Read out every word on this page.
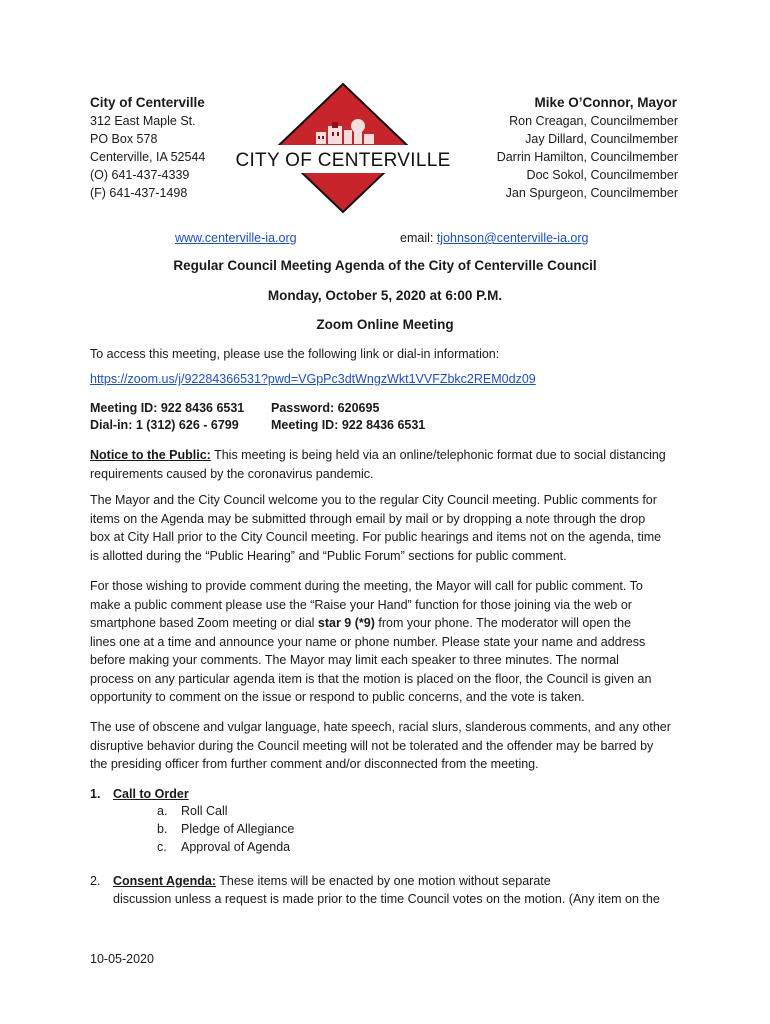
City of Centerville
312 East Maple St.
PO Box 578
Centerville, IA 52544
(O) 641-437-4339
(F) 641-437-1498
CITY OF CENTERVILLE
Mike O’Connor, Mayor
Ron Creagan, Councilmember
Jay Dillard, Councilmember
Darrin Hamilton, Councilmember
Doc Sokol, Councilmember
Jan Spurgeon, Councilmember
www.centerville-ia.org	email: tjohnson@centerville-ia.org
Regular Council Meeting Agenda of the City of Centerville Council
Monday, October 5, 2020 at 6:00 P.M.
Zoom Online Meeting
To access this meeting, please use the following link or dial-in information:
https://zoom.us/j/92284366531?pwd=VGpPc3dtWngzWkt1VVFZbkc2REM0dz09
Meeting ID: 922 8436 6531
Dial-in: 1 (312) 626 - 6799
Password: 620695
Meeting ID: 922 8436 6531
Notice to the Public: This meeting is being held via an online/telephonic format due to social distancing
requirements caused by the coronavirus pandemic.
The Mayor and the City Council welcome you to the regular City Council meeting. Public comments for
items on the Agenda may be submitted through email by mail or by dropping a note through the drop
box at City Hall prior to the City Council meeting. For public hearings and items not on the agenda, time
is allotted during the “Public Hearing” and “Public Forum” sections for public comment.
For those wishing to provide comment during the meeting, the Mayor will call for public comment. To
make a public comment please use the “Raise your Hand” function for those joining via the web or
smartphone based Zoom meeting or dial star 9 (*9) from your phone. The moderator will open the
lines one at a time and announce your name or phone number. Please state your name and address
before making your comments. The Mayor may limit each speaker to three minutes. The normal
process on any particular agenda item is that the motion is placed on the floor, the Council is given an
opportunity to comment on the issue or respond to public concerns, and the vote is taken.
The use of obscene and vulgar language, hate speech, racial slurs, slanderous comments, and any other
disruptive behavior during the Council meeting will not be tolerated and the offender may be barred by
the presiding officer from further comment and/or disconnected from the meeting.
1. Call to Order
a. Roll Call
b. Pledge of Allegiance
c. Approval of Agenda
2. Consent Agenda: These items will be enacted by one motion without separate
discussion unless a request is made prior to the time Council votes on the motion. (Any item on the
10-05-2020
